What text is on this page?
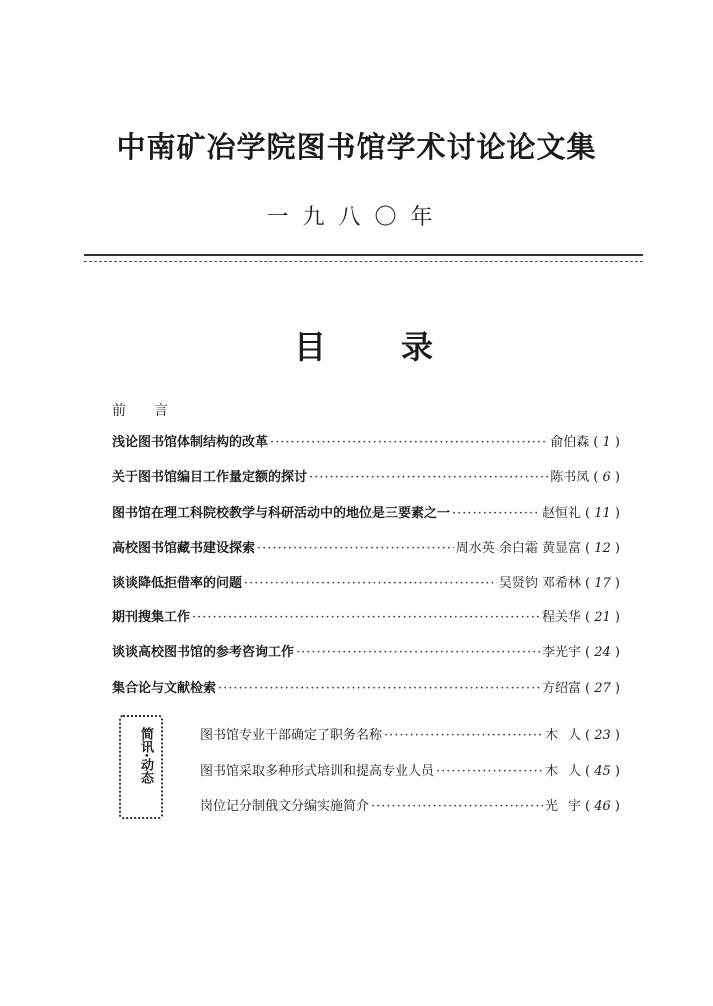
中南矿冶学院图书馆学术讨论论文集
一九八〇年
目 录
前言
浅论图书馆体制结构的改革 ·····	俞伯森	( 1 )
关于图书馆编目工作量定额的探讨 ·····	陈书凤	( 6 )
图书馆在理工科院校教学与科研活动中的地位是三要素之一 ·····	赵恒礼	( 11 )
高校图书馆藏书建设探索 ·····	周水英 余白霜 黄显富	( 12 )
谈谈降低拒借率的问题 ·····	吴贤钧 邓希林	( 17 )
期刊搜集工作 ·····	程关华	( 21 )
谈谈高校图书馆的参考咨询工作 ·····	李光宇	( 24 )
集合论与文献检索 ·····	方绍富	( 27 )
简讯·动态	图书馆专业干部确定了职务名称 ·····	木人 ( 23 )
图书馆采取多种形式培训和提高专业人员 ·····	木人 ( 45 )
岗位记分制俄文分编实施简介 ·····	光宇 ( 46 )
